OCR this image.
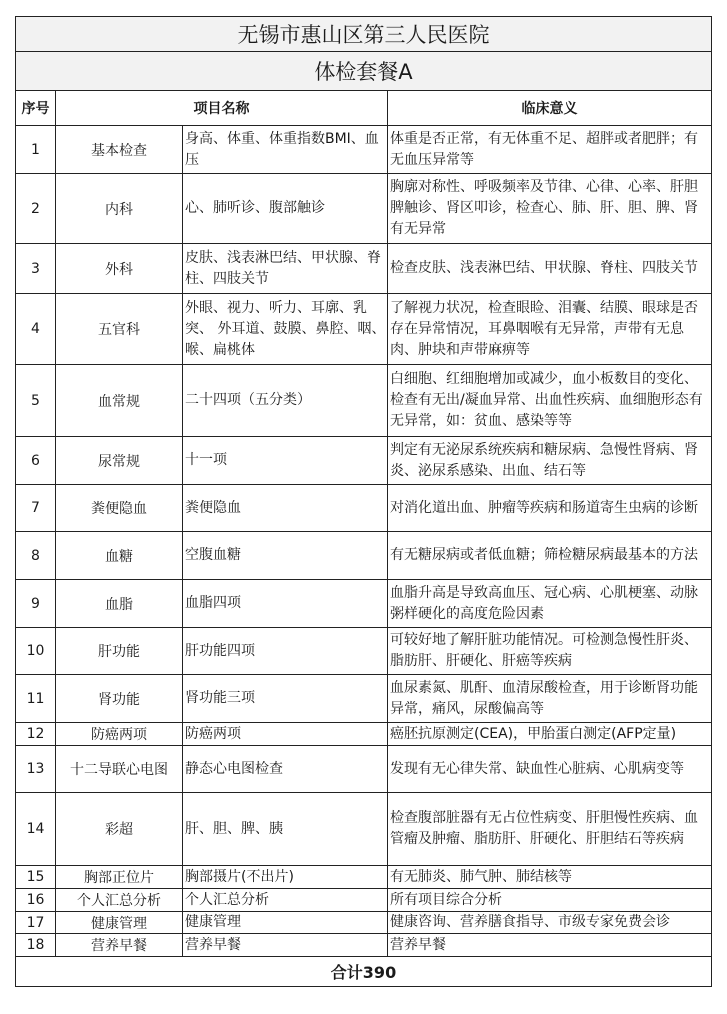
无锡市惠山区第三人民医院			
体检套餐A			
序号	项目名称		临床意义
1	基本检查	身高、体重、体重指数BMI、血压	体重是否正常，有无体重不足、超胖或者肥胖；有无血压异常等
2	内科	心、肺听诊、腹部触诊	胸廓对称性、呼吸频率及节律、心律、心率、肝胆脾触诊、肾区叩诊，检查心、肺、肝、胆、脾、肾有无异常
3	外科	皮肤、浅表淋巴结、甲状腺、脊柱、四肢关节	检查皮肤、浅表淋巴结、甲状腺、脊柱、四肢关节
4	五官科	外眼、视力、听力、耳廓、乳突、 外耳道、鼓膜、鼻腔、咽、喉、扁桃体	了解视力状况，检查眼睑、泪囊、结膜、眼球是否存在异常情况，耳鼻咽喉有无异常，声带有无息肉、肿块和声带麻痹等
5	血常规	二十四项（五分类）	白细胞、红细胞增加或减少，血小板数目的变化、检查有无出/凝血异常、出血性疾病、血细胞形态有无异常，如：贫血、感染等等
6	尿常规	十一项	判定有无泌尿系统疾病和糖尿病、急慢性肾病、肾炎、泌尿系感染、出血、结石等
7	粪便隐血	粪便隐血	对消化道出血、肿瘤等疾病和肠道寄生虫病的诊断
8	血糖	空腹血糖	有无糖尿病或者低血糖；筛检糖尿病最基本的方法
9	血脂	血脂四项	血脂升高是导致高血压、冠心病、心肌梗塞、动脉粥样硬化的高度危险因素
10	肝功能	肝功能四项	可较好地了解肝脏功能情况。可检测急慢性肝炎、脂肪肝、肝硬化、肝癌等疾病
11	肾功能	肾功能三项	血尿素氮、肌酐、血清尿酸检查，用于诊断肾功能异常，痛风，尿酸偏高等
12	防癌两项	防癌两项	癌胚抗原测定(CEA)，甲胎蛋白测定(AFP定量)
13	十二导联心电图	静态心电图检查	发现有无心律失常、缺血性心脏病、心肌病变等
14	彩超	肝、胆、脾、胰	检查腹部脏器有无占位性病变、肝胆慢性疾病、血管瘤及肿瘤、脂肪肝、肝硬化、肝胆结石等疾病
15	胸部正位片	胸部摄片(不出片)	有无肺炎、肺气肿、肺结核等
16	个人汇总分析	个人汇总分析	所有项目综合分析
17	健康管理	健康管理	健康咨询、营养膳食指导、市级专家免费会诊
18	营养早餐	营养早餐	营养早餐
合计390			
